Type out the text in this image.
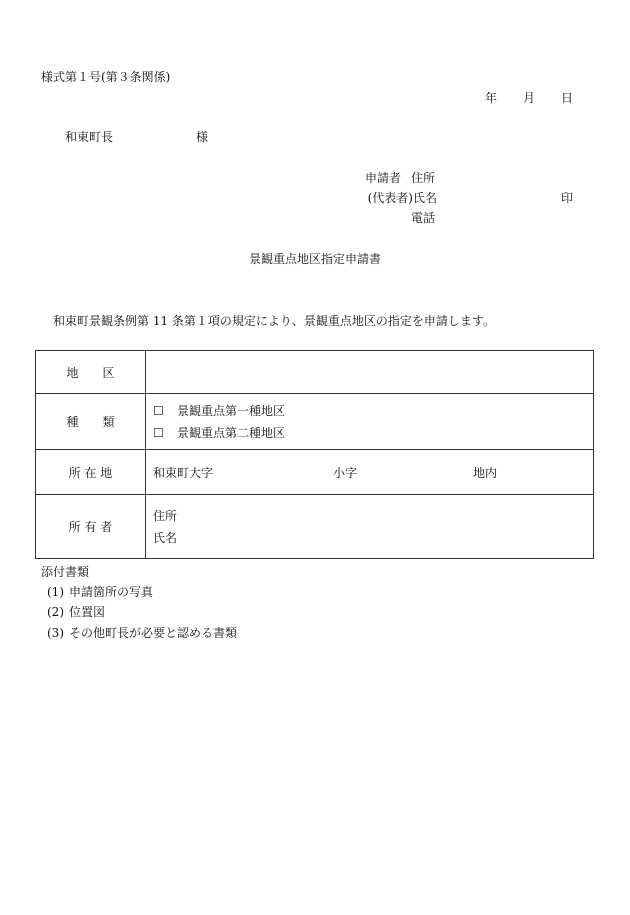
様式第１号(第３条関係)
年 月 日
和東町長	様
申請者 住所
(代表者)氏名	印
電話
景観重点地区指定申請書
和束町景観条例第 11 条第１項の規定により、景観重点地区の指定を申請します。
地　　区	
種　　類	☐ 景観重点第一種地区
☐ 景観重点第二種地区

所 在 地	和束町大字 小字 地内
所 有 者	住所
氏名
添付書類
(1) 申請箇所の写真
(2) 位置図
(3) その他町長が必要と認める書類
